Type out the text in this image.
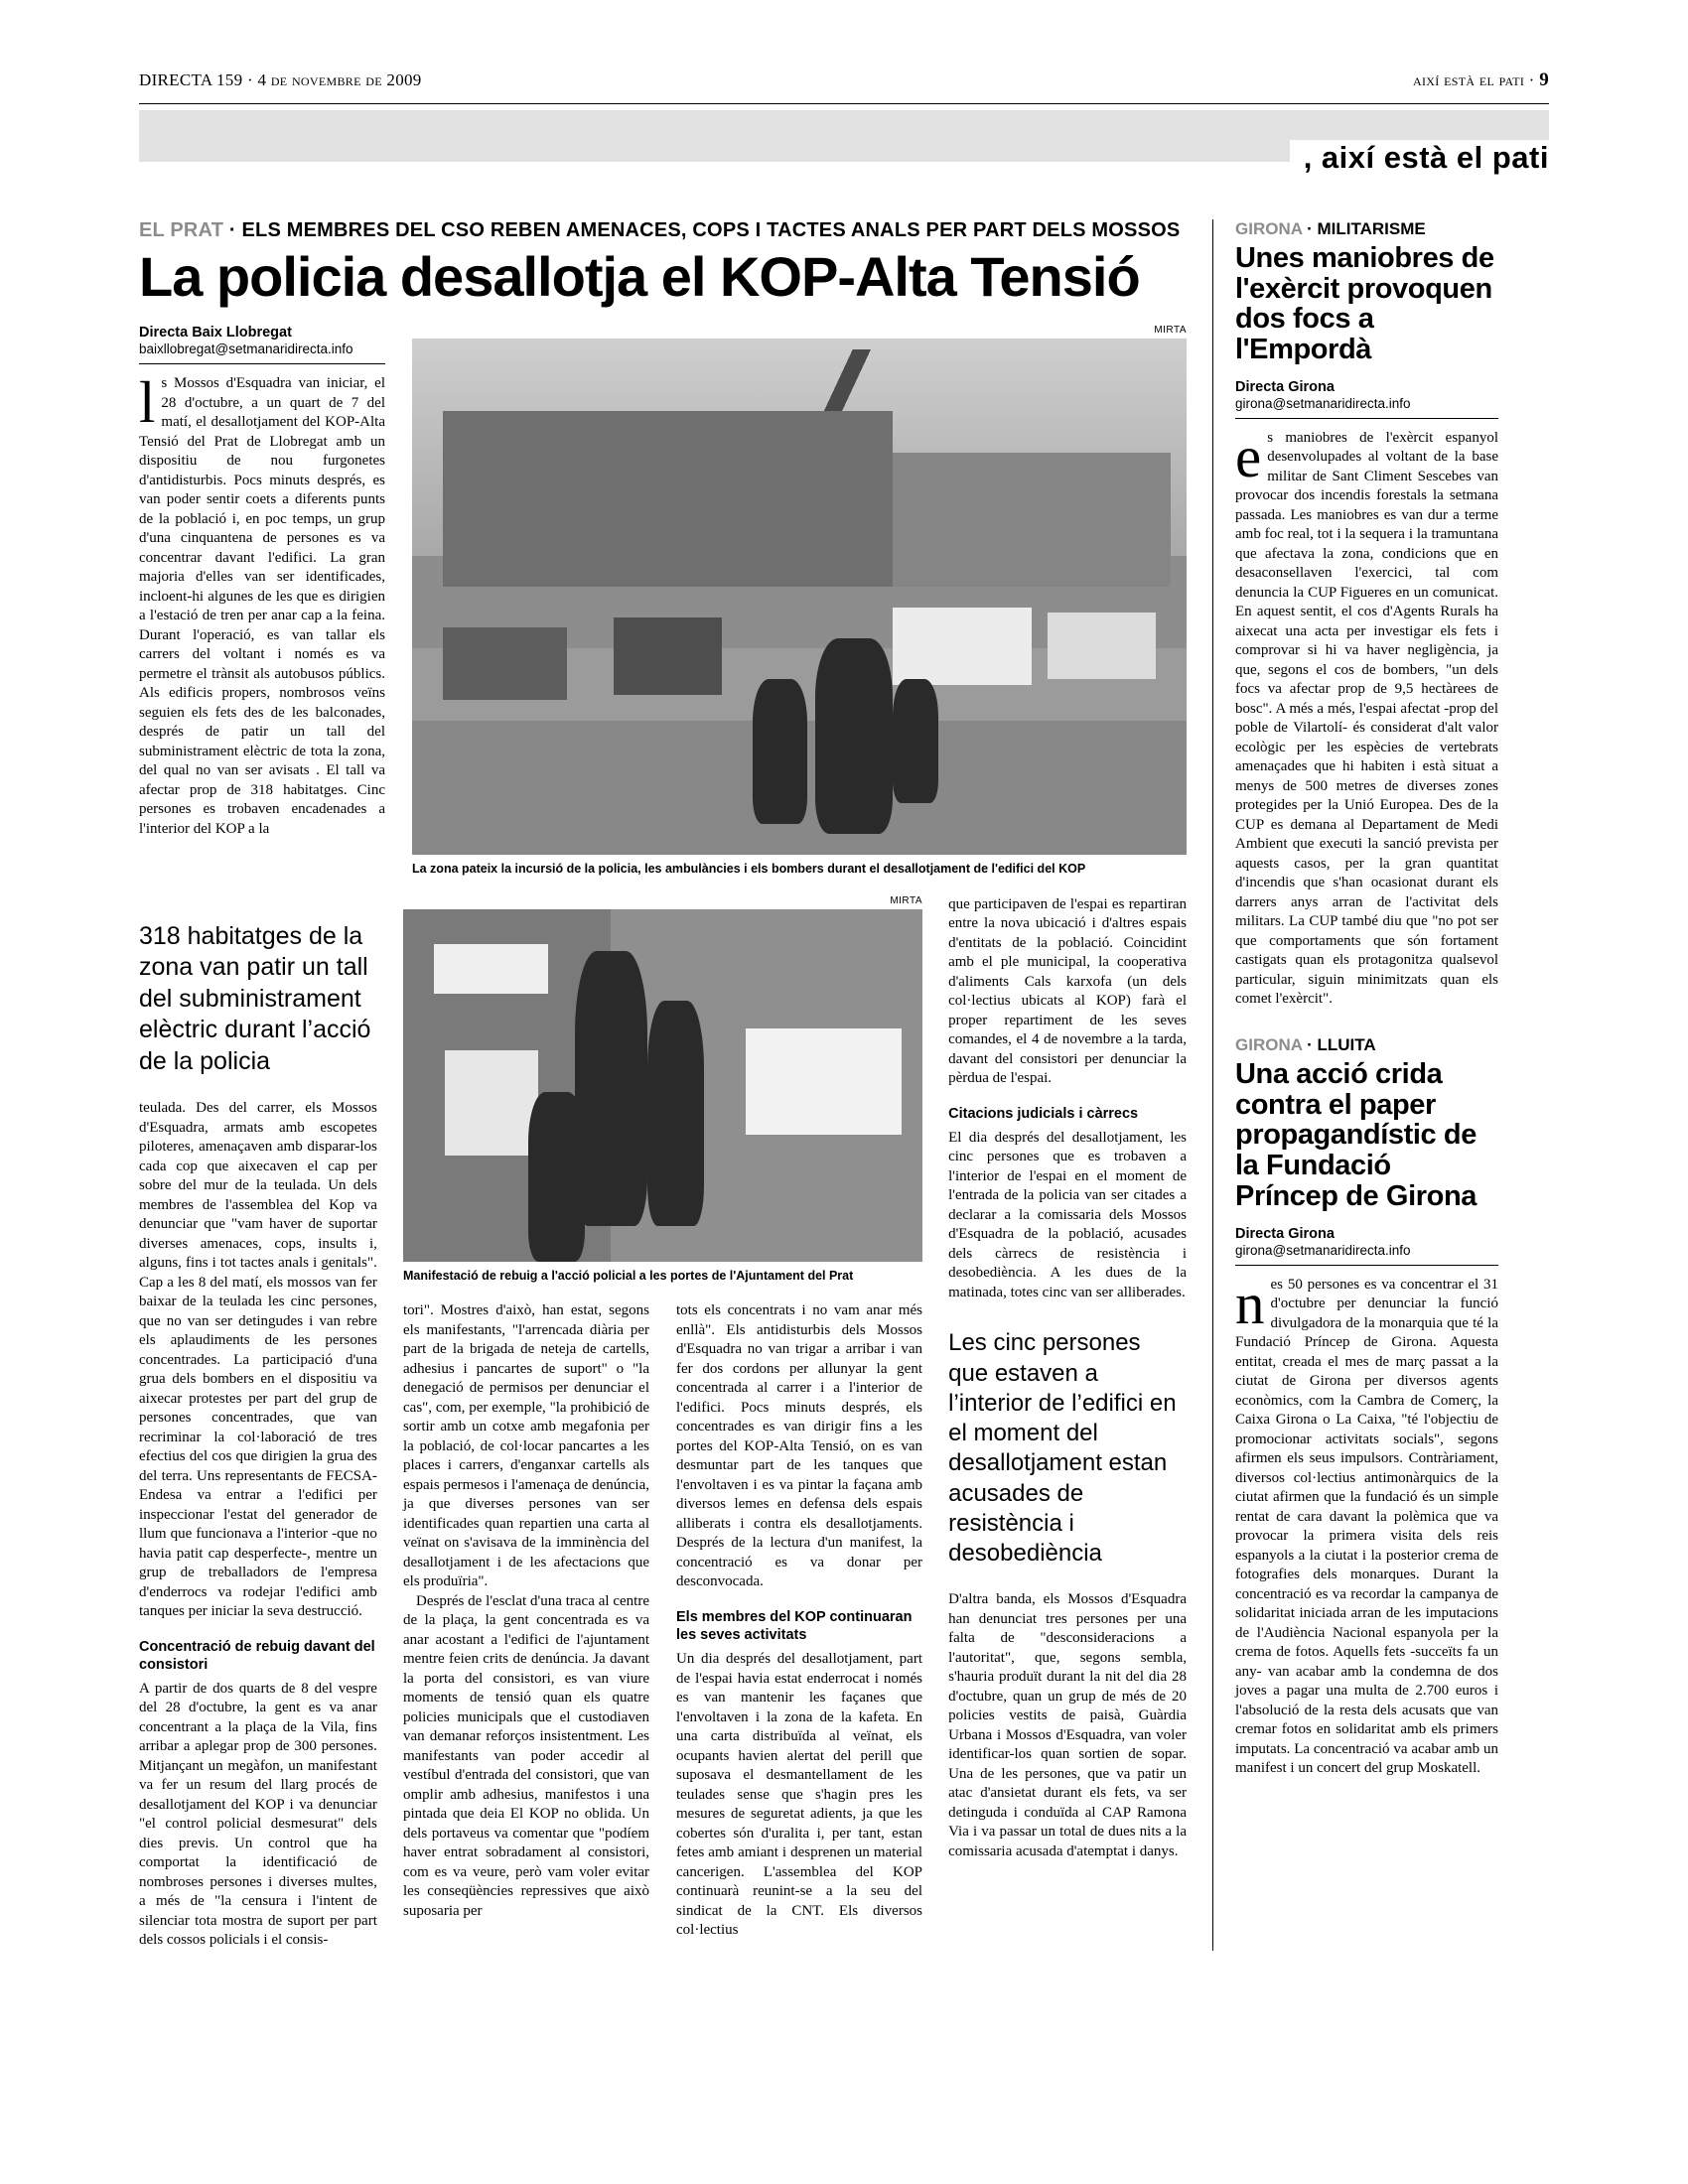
DIRECTA 159 · 4 de novembre de 2009	així està el pati · 9
, així està el pati
EL PRAT · ELS MEMBRES DEL CSO REBEN AMENACES, COPS I TACTES ANALS PER PART DELS MOSSOS
La policia desallotja el KOP-Alta Tensió
Directa Baix Llobregat
baixllobregat@setmanaridirecta.info

ls Mossos d'Esquadra van iniciar, el 28 d'octubre, a un quart de 7 del matí, el desallotjament del KOP-Alta Tensió del Prat de Llobregat amb un dispositiu de nou furgonetes d'antidisturbis. Pocs minuts després, es van poder sentir coets a diferents punts de la població i, en poc temps, un grup d'una cinquantena de persones es va concentrar davant l'edifici. La gran majoria d'elles van ser identificades, incloent-hi algunes de les que es dirigien a l'estació de tren per anar cap a la feina. Durant l'operació, es van tallar els carrers del voltant i només es va permetre el trànsit als autobusos públics. Als edificis propers, nombrosos veïns seguien els fets des de les balconades, després de patir un tall del subministrament elèctric de tota la zona, del qual no van ser avisats . El tall va afectar prop de 318 habitatges. Cinc persones es trobaven encadenades a l'interior del KOP a la

MIRTA
La zona pateix la incursió de la policia, les ambulàncies i els bombers durant el desallotjament de l'edifici del KOP
318 habitatges de la zona van patir un tall del subministrament elèctric durant l’acció de la policia

teulada. Des del carrer, els Mossos d'Esquadra, armats amb escopetes piloteres, amenaçaven amb disparar-los cada cop que aixecaven el cap per sobre del mur de la teulada. Un dels membres de l'assemblea del Kop va denunciar que "vam haver de suportar diverses amenaces, cops, insults i, alguns, fins i tot tactes anals i genitals". Cap a les 8 del matí, els mossos van fer baixar de la teulada les cinc persones, que no van ser detingudes i van rebre els aplaudiments de les persones concentrades. La participació d'una grua dels bombers en el dispositiu va aixecar protestes per part del grup de persones concentrades, que van recriminar la col·laboració de tres efectius del cos que dirigien la grua des del terra. Uns representants de FECSA-Endesa va entrar a l'edifici per inspeccionar l'estat del generador de llum que funcionava a l'interior -que no havia patit cap desperfecte-, mentre un grup de treballadors de l'empresa d'enderrocs va rodejar l'edifici amb tanques per iniciar la seva destrucció.

Concentració de rebuig davant del consistori

A partir de dos quarts de 8 del vespre del 28 d'octubre, la gent es va anar concentrant a la plaça de la Vila, fins arribar a aplegar prop de 300 persones. Mitjançant un megàfon, un manifestant va fer un resum del llarg procés de desallotjament del KOP i va denunciar "el control policial desmesurat" dels dies previs. Un control que ha comportat la identificació de nombroses persones i diverses multes, a més de "la censura i l'intent de silenciar tota mostra de suport per part dels cossos policials i el consis-

MIRTA
Manifestació de rebuig a l'acció policial a les portes de l'Ajuntament del Prat

tori". Mostres d'això, han estat, segons els manifestants, "l'arrencada diària per part de la brigada de neteja de cartells, adhesius i pancartes de suport" o "la denegació de permisos per denunciar el cas", com, per exemple, "la prohibició de sortir amb un cotxe amb megafonia per la població, de col·locar pancartes a les places i carrers, d'enganxar cartells als espais permesos i l'amenaça de denúncia, ja que diverses persones van ser identificades quan repartien una carta al veïnat on s'avisava de la imminència del desallotjament i de les afectacions que els produïria".

Després de l'esclat d'una traca al centre de la plaça, la gent concentrada es va anar acostant a l'edifici de l'ajuntament mentre feien crits de denúncia. Ja davant la porta del consistori, es van viure moments de tensió quan els quatre policies municipals que el custodiaven van demanar reforços insistentment. Les manifestants van poder accedir al vestíbul d'entrada del consistori, que van omplir amb adhesius, manifestos i una pintada que deia El KOP no oblida. Un dels portaveus va comentar que "podíem haver entrat sobradament al consistori, com es va veure, però vam voler evitar les conseqüències repressives que això suposaria per

tots els concentrats i no vam anar més enllà". Els antidisturbis dels Mossos d'Esquadra no van trigar a arribar i van fer dos cordons per allunyar la gent concentrada al carrer i a l'interior de l'edifici. Pocs minuts després, els concentrades es van dirigir fins a les portes del KOP-Alta Tensió, on es van desmuntar part de les tanques que l'envoltaven i es va pintar la façana amb diversos lemes en defensa dels espais alliberats i contra els desallotjaments. Després de la lectura d'un manifest, la concentració es va donar per desconvocada.

Els membres del KOP continuaran les seves activitats

Un dia després del desallotjament, part de l'espai havia estat enderrocat i només es van mantenir les façanes que l'envoltaven i la zona de la kafeta. En una carta distribuïda al veïnat, els ocupants havien alertat del perill que suposava el desmantellament de les teulades sense que s'hagin pres les mesures de seguretat adients, ja que les cobertes són d'uralita i, per tant, estan fetes amb amiant i desprenen un material cancerigen. L'assemblea del KOP continuarà reunint-se a la seu del sindicat de la CNT. Els diversos col·lectius

que participaven de l'espai es repartiran entre la nova ubicació i d'altres espais d'entitats de la població. Coincidint amb el ple municipal, la cooperativa d'aliments Cals karxofa (un dels col·lectius ubicats al KOP) farà el proper repartiment de les seves comandes, el 4 de novembre a la tarda, davant del consistori per denunciar la pèrdua de l'espai.

Citacions judicials i càrrecs

El dia després del desallotjament, les cinc persones que es trobaven a l'interior de l'espai en el moment de l'entrada de la policia van ser citades a declarar a la comissaria dels Mossos d'Esquadra de la població, acusades dels càrrecs de resistència i desobediència. A les dues de la matinada, totes cinc van ser alliberades.

Les cinc persones que estaven a l’interior de l’edifici en el moment del desallotjament estan acusades de resistència i desobediència

D'altra banda, els Mossos d'Esquadra han denunciat tres persones per una falta de "desconsideracions a l'autoritat", que, segons sembla, s'hauria produït durant la nit del dia 28 d'octubre, quan un grup de més de 20 policies vestits de paisà, Guàrdia Urbana i Mossos d'Esquadra, van voler identificar-los quan sortien de sopar. Una de les persones, que va patir un atac d'ansietat durant els fets, va ser detinguda i conduïda al CAP Ramona Via i va passar un total de dues nits a la comissaria acusada d'atemptat i danys.

GIRONA · MILITARISME
Unes maniobres de l'exèrcit provoquen dos focs a l'Empordà
Directa Girona
girona@setmanaridirecta.info

es maniobres de l'exèrcit espanyol desenvolupades al voltant de la base militar de Sant Climent Sescebes van provocar dos incendis forestals la setmana passada. Les maniobres es van dur a terme amb foc real, tot i la sequera i la tramuntana que afectava la zona, condicions que en desaconsellaven l'exercici, tal com denuncia la CUP Figueres en un comunicat. En aquest sentit, el cos d'Agents Rurals ha aixecat una acta per investigar els fets i comprovar si hi va haver negligència, ja que, segons el cos de bombers, "un dels focs va afectar prop de 9,5 hectàrees de bosc". A més a més, l'espai afectat -prop del poble de Vilartolí- és considerat d'alt valor ecològic per les espècies de vertebrats amenaçades que hi habiten i està situat a menys de 500 metres de diverses zones protegides per la Unió Europea. Des de la CUP es demana al Departament de Medi Ambient que executi la sanció prevista per aquests casos, per la gran quantitat d'incendis que s'han ocasionat durant els darrers anys arran de l'activitat dels militars. La CUP també diu que "no pot ser que comportaments que són fortament castigats quan els protagonitza qualsevol particular, siguin minimitzats quan els comet l'exèrcit".

GIRONA · LLUITA
Una acció crida contra el paper propagandístic de la Fundació Príncep de Girona
Directa Girona
girona@setmanaridirecta.info

nes 50 persones es va concentrar el 31 d'octubre per denunciar la funció divulgadora de la monarquia que té la Fundació Príncep de Girona. Aquesta entitat, creada el mes de març passat a la ciutat de Girona per diversos agents econòmics, com la Cambra de Comerç, la Caixa Girona o La Caixa, "té l'objectiu de promocionar activitats socials", segons afirmen els seus impulsors. Contràriament, diversos col·lectius antimonàrquics de la ciutat afirmen que la fundació és un simple rentat de cara davant la polèmica que va provocar la primera visita dels reis espanyols a la ciutat i la posterior crema de fotografies dels monarques. Durant la concentració es va recordar la campanya de solidaritat iniciada arran de les imputacions de l'Audiència Nacional espanyola per la crema de fotos. Aquells fets -succeïts fa un any- van acabar amb la condemna de dos joves a pagar una multa de 2.700 euros i l'absolució de la resta dels acusats que van cremar fotos en solidaritat amb els primers imputats. La concentració va acabar amb un manifest i un concert del grup Moskatell.
